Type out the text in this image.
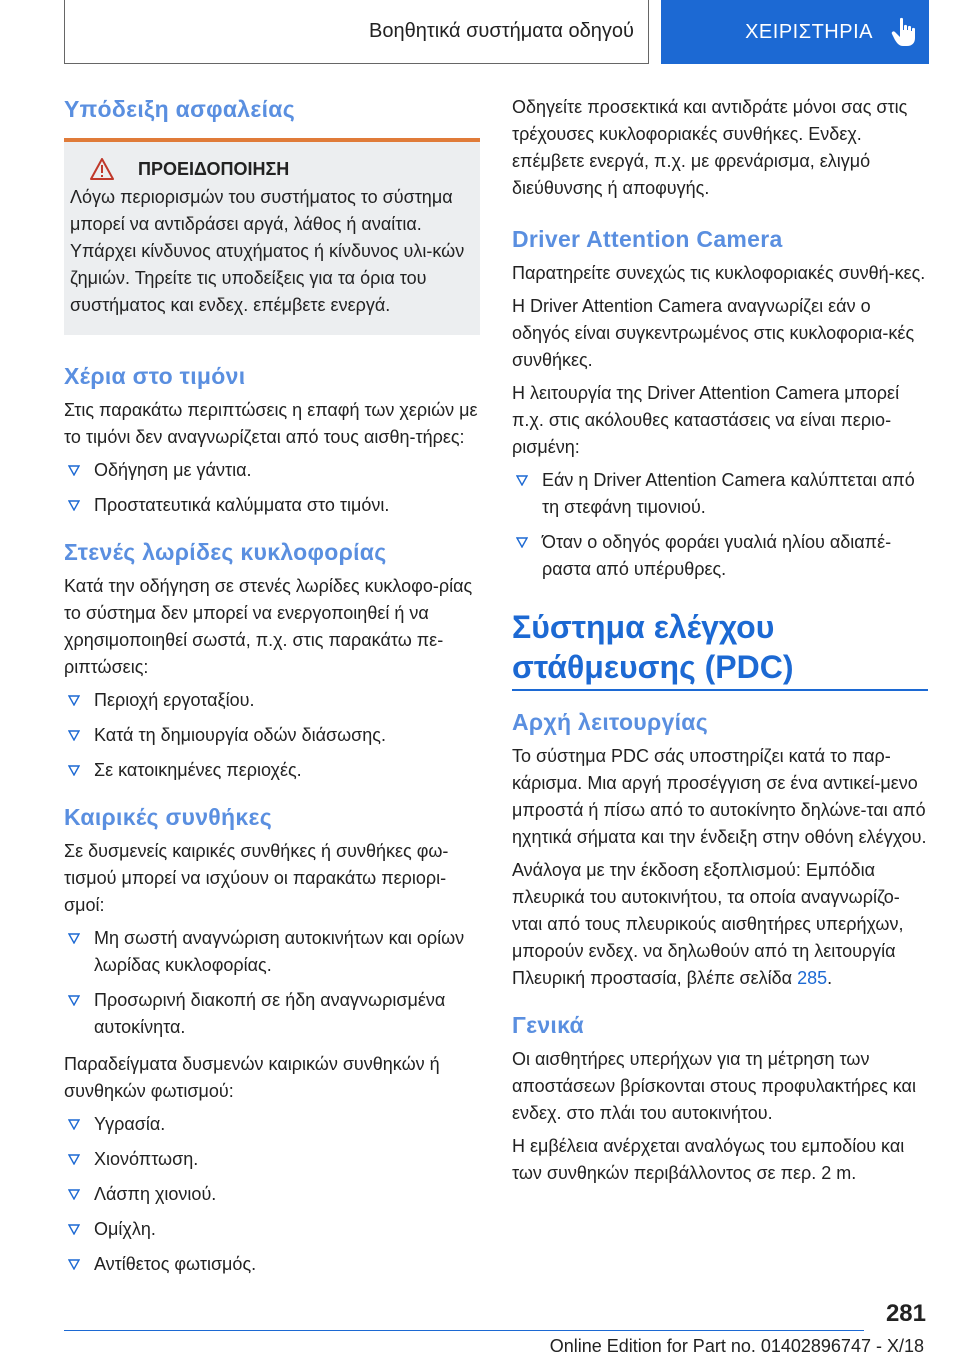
Βοηθητικά συστήματα οδηγού	ΧΕΙΡΙΣΤΗΡΙΑ
Υπόδειξη ασφαλείας
ΠΡΟΕΙΔΟΠΟΙΗΣΗ

Λόγω περιορισμών του συστήματος το σύστημα μπορεί να αντιδράσει αργά, λάθος ή αναίτια. Υπάρχει κίνδυνος ατυχήματος ή κίνδυνος υλι-κών ζημιών. Τηρείτε τις υποδείξεις για τα όρια του συστήματος και ενδεχ. επέμβετε ενεργά.

Χέρια στο τιμόνι

Στις παρακάτω περιπτώσεις η επαφή των χεριών με το τιμόνι δεν αναγνωρίζεται από τους αισθη-τήρες:

Οδήγηση με γάντια.
Προστατευτικά καλύμματα στο τιμόνι.
Στενές λωρίδες κυκλοφορίας

Κατά την οδήγηση σε στενές λωρίδες κυκλοφο-ρίας το σύστημα δεν μπορεί να ενεργοποιηθεί ή να χρησιμοποιηθεί σωστά, π.χ. στις παρακάτω πε-ριπτώσεις:

Περιοχή εργοταξίου.
Κατά τη δημιουργία οδών διάσωσης.
Σε κατοικημένες περιοχές.
Καιρικές συνθήκες

Σε δυσμενείς καιρικές συνθήκες ή συνθήκες φω-τισμού μπορεί να ισχύουν οι παρακάτω περιορι-σμοί:

Μη σωστή αναγνώριση αυτοκινήτων και ορίων λωρίδας κυκλοφορίας.
Προσωρινή διακοπή σε ήδη αναγνωρισμένα αυτοκίνητα.

Παραδείγματα δυσμενών καιρικών συνθηκών ή συνθηκών φωτισμού:

Υγρασία.
Χιονόπτωση.
Λάσπη χιονιού.
Ομίχλη.
Αντίθετος φωτισμός.

Οδηγείτε προσεκτικά και αντιδράτε μόνοι σας στις τρέχουσες κυκλοφοριακές συνθήκες. Ενδεχ. επέμβετε ενεργά, π.χ. με φρενάρισμα, ελιγμό διεύθυνσης ή αποφυγής.

Driver Attention Camera

Παρατηρείτε συνεχώς τις κυκλοφοριακές συνθή-κες.

Η Driver Attention Camera αναγνωρίζει εάν ο οδηγός είναι συγκεντρωμένος στις κυκλοφορια-κές συνθήκες.

Η λειτουργία της Driver Attention Camera μπορεί π.χ. στις ακόλουθες καταστάσεις να είναι περιο-ρισμένη:

Εάν η Driver Attention Camera καλύπτεται από τη στεφάνη τιμονιού.
Όταν ο οδηγός φοράει γυαλιά ηλίου αδιαπέ-ραστα από υπέρυθρες.
Σύστημα ελέγχου
στάθμευσης (PDC)
Αρχή λειτουργίας

Το σύστημα PDC σάς υποστηρίζει κατά το παρ-κάρισμα. Μια αργή προσέγγιση σε ένα αντικεί-μενο μπροστά ή πίσω από το αυτοκίνητο δηλώνε-ται από ηχητικά σήματα και την ένδειξη στην οθόνη ελέγχου.

Ανάλογα με την έκδοση εξοπλισμού: Εμπόδια πλευρικά του αυτοκινήτου, τα οποία αναγνωρίζο-νται από τους πλευρικούς αισθητήρες υπερήχων, μπορούν ενδεχ. να δηλωθούν από τη λειτουργία Πλευρική προστασία, βλέπε σελίδα 285.

Γενικά

Οι αισθητήρες υπερήχων για τη μέτρηση των αποστάσεων βρίσκονται στους προφυλακτήρες και ενδεχ. στο πλάι του αυτοκινήτου.

Η εμβέλεια ανέρχεται αναλόγως του εμποδίου και των συνθηκών περιβάλλοντος σε περ. 2 m.

281
Online Edition for Part no. 01402896747 - X/18
